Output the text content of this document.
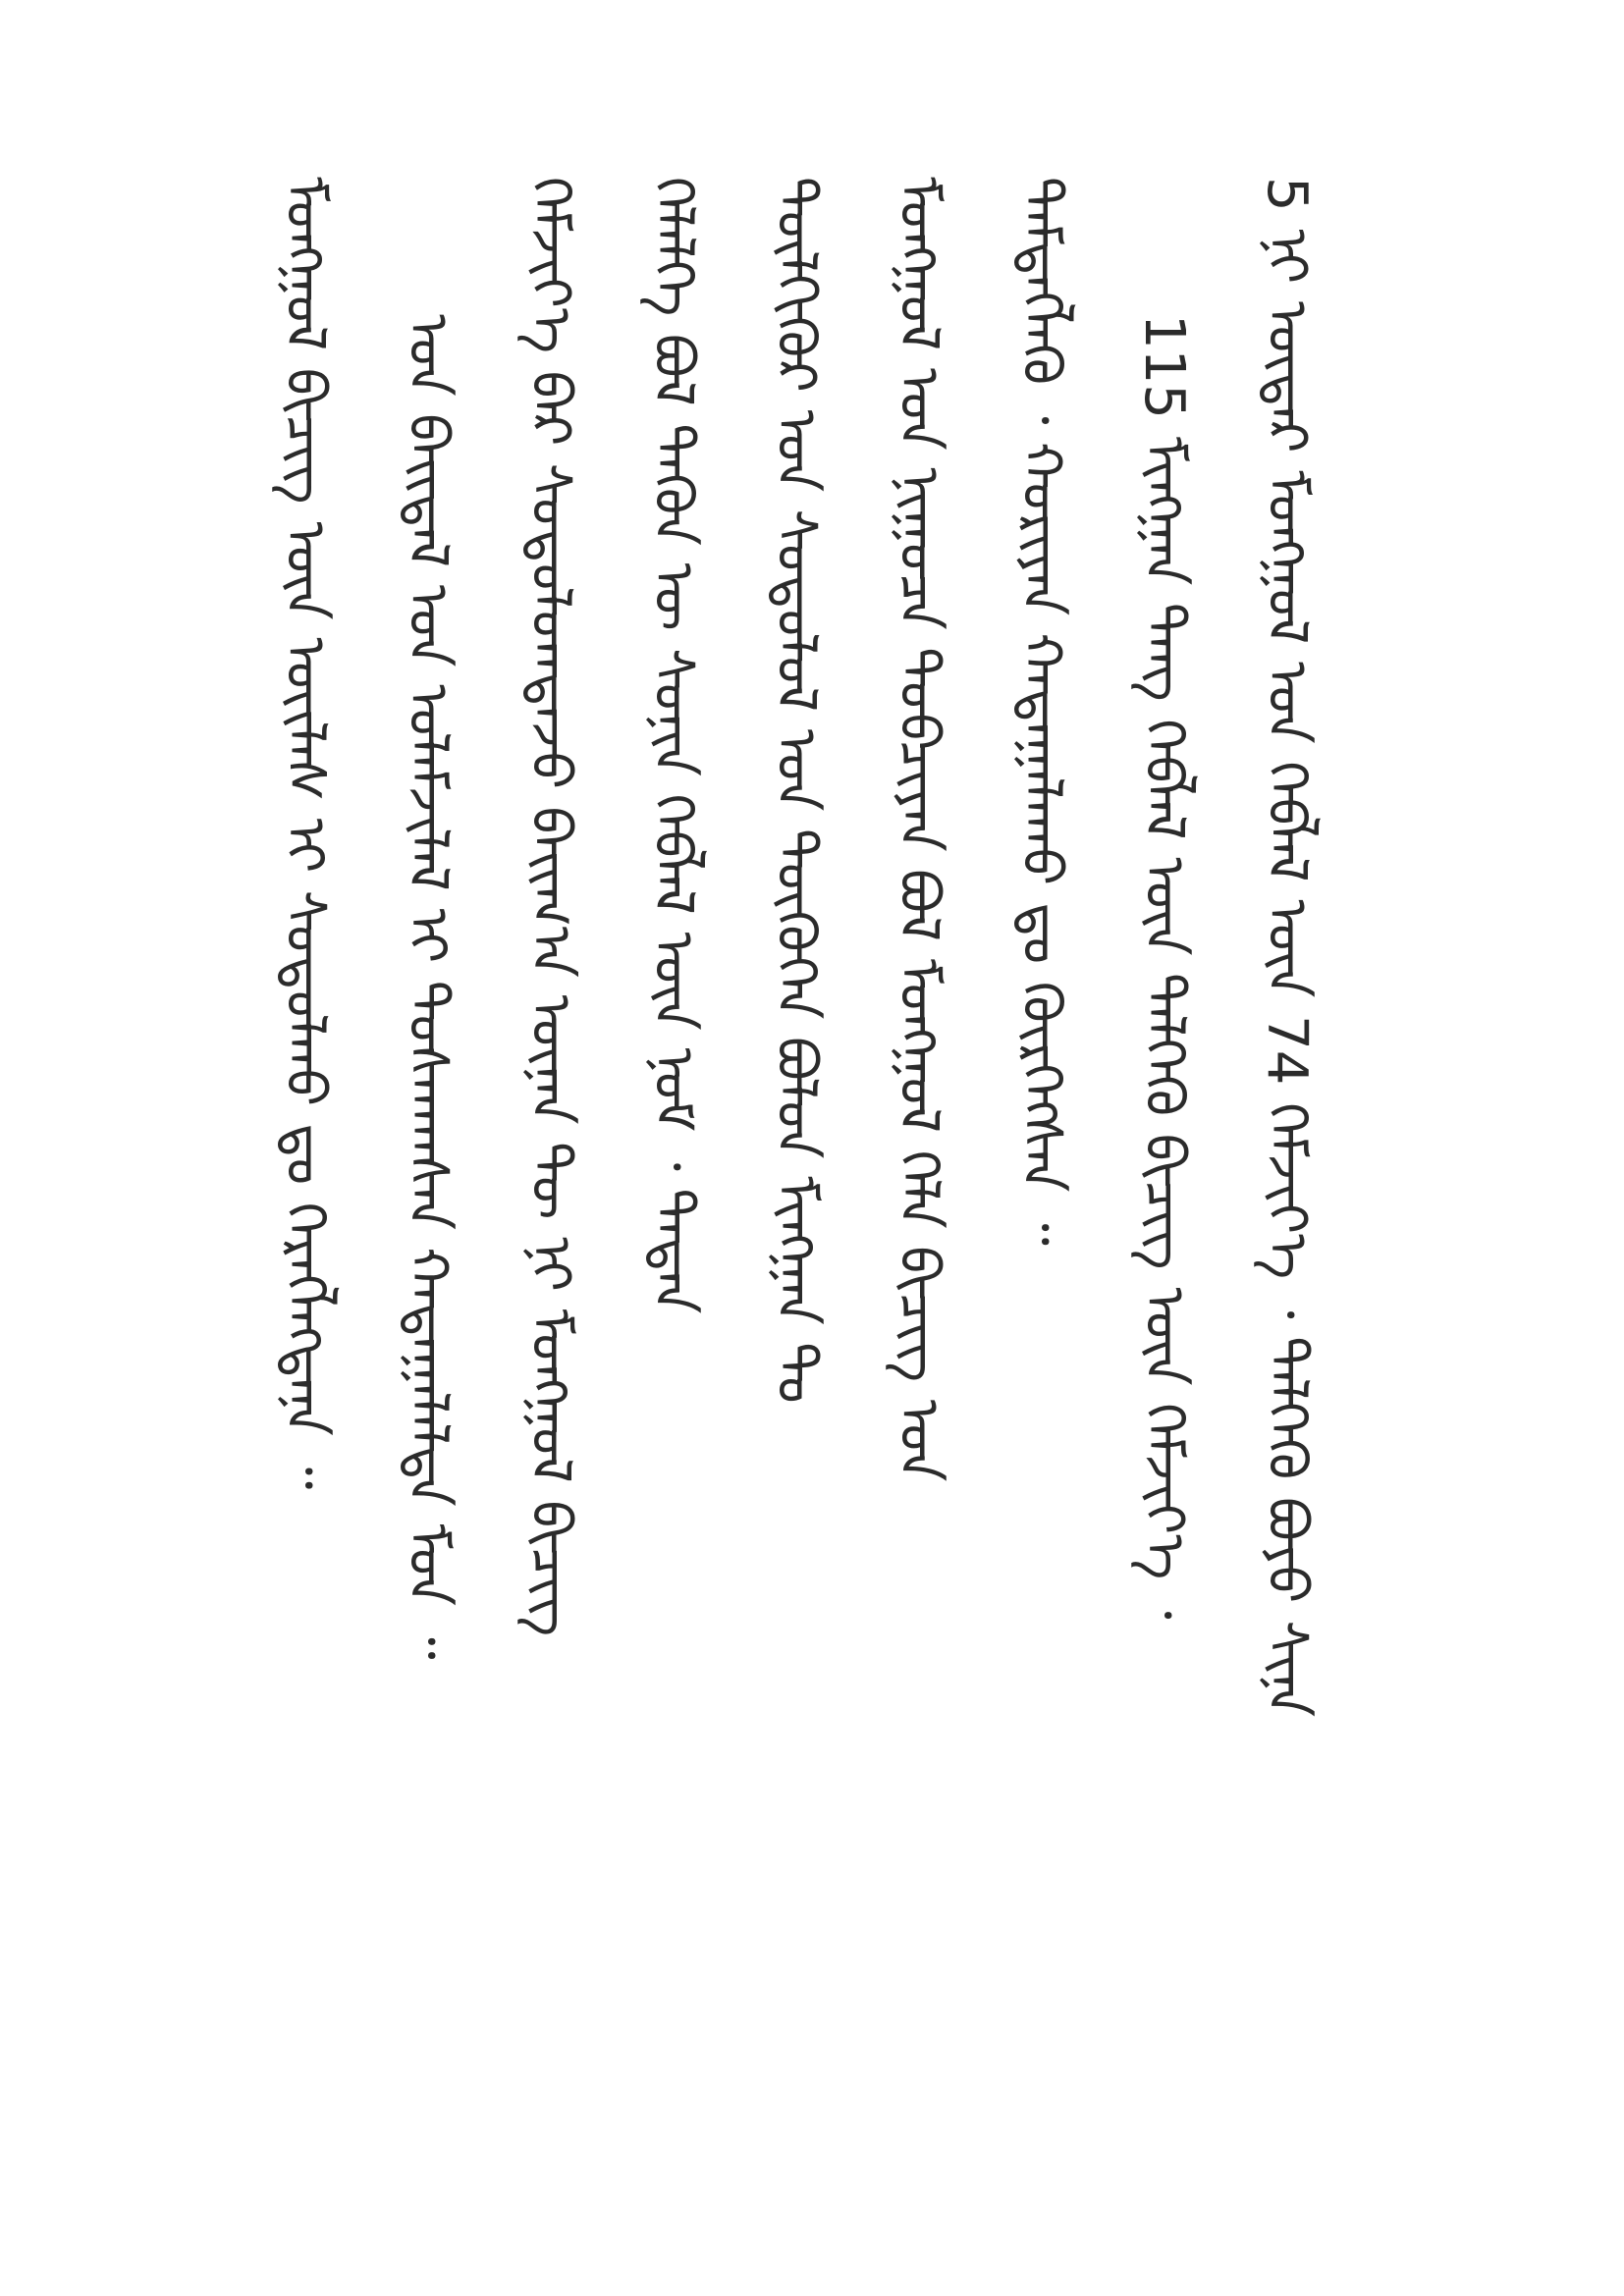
5 ᠨᠢ ᠦᠳᠡᠷ ᠮᠣᠩᠭᠣᠯ ᠤᠨ ᠬᠡᠪᠯᠡᠯ ᠦᠨ 74 ᠬᠡᠮᠵᠢᠶ᠎ᠡ ᠂ ᠳᠡᠯᠭᠡᠬᠦ ᠪᠤᠶᠤ ᠰᠢᠨᠡ
115 ᠮᠢᠩᠭ᠋ᠠᠨ ᠳᠠᠩ ᠬᠡᠪᠯᠡᠯ ᠦᠨ ᠳᠡᠯᠭᠡᠬᠦ ᠪᠢᠴᠢᠭ ᠦᠨ ᠬᠡᠮᠵᠢᠶ᠎ᠡ ᠂
ᠲᠡᠮᠳᠡᠭᠯᠡᠬᠦ ᠂ ᠬᠤᠷᠢᠶᠠᠨ ᠬᠠᠳᠠᠭᠠᠯᠠᠬᠤ ᠳᠤ ᠬᠦᠷᠭᠡᠭᠰᠡᠨ ᠃
ᠮᠣᠩᠭᠣᠯ ᠤᠨ ᠨᠢᠭᠤᠴᠠ ᠲᠣᠪᠴᠢᠶᠠᠨ ᠪᠣᠯ ᠮᠣᠩᠭᠣᠯ ᠬᠡᠯᠡ ᠪᠢᠴᠢᠭ ᠤᠨ
ᠲᠦᠯᠬᠢᠭᠦᠷ ᠤᠨ ᠰᠤᠳᠤᠯᠤᠯ ᠤᠨ ᠲᠦᠭᠦᠬᠡᠨ ᠪᠣᠯᠤᠨ ᠮᠢᠩᠭ᠋ᠠᠨ ᠲᠣ
ᠬᠡᠯᠡᠯᠭᠡ ᠪᠣᠯ ᠲᠡᠭᠦᠨ ᠦ ᠰᠣᠨᠢᠨ ᠬᠡᠪᠯᠡᠯ ᠦᠨ ᠨᠣᠮ ᠂ ᠲᠡᠳᠡᠨ
ᠬᠡᠮᠵᠢᠶ᠎ᠡ ᠪᠡᠷ ᠰᠤᠳᠤᠯᠤᠭᠳᠠᠵᠤ ᠪᠠᠢᠭ᠎ᠠ ᠦᠨᠡᠨ ᠲᠦ ᠨᠢ ᠮᠣᠩᠭᠣᠯ ᠪᠢᠴᠢᠭ
ᠤᠨ ᠪᠠᠢᠳᠠᠯ ᠤᠨ ᠤᠯᠠᠮᠵᠢᠯᠠᠯ ᠢ ᠲᠤᠰᠬᠠᠭᠰᠠᠨ ᠬᠠᠳᠠᠭᠠᠯᠠᠯᠳᠠ ᠮᠤᠨ ᠃
ᠮᠣᠩᠭᠣᠯ ᠪᠢᠴᠢᠭ ᠦᠨ ᠦᠢᠯᠡᠰ ᠢ ᠰᠣᠳᠤᠯᠬᠤ ᠳᠤ ᠬᠡᠷᠡᠭᠯᠡᠭᠳᠡᠨᠡ ᠃
